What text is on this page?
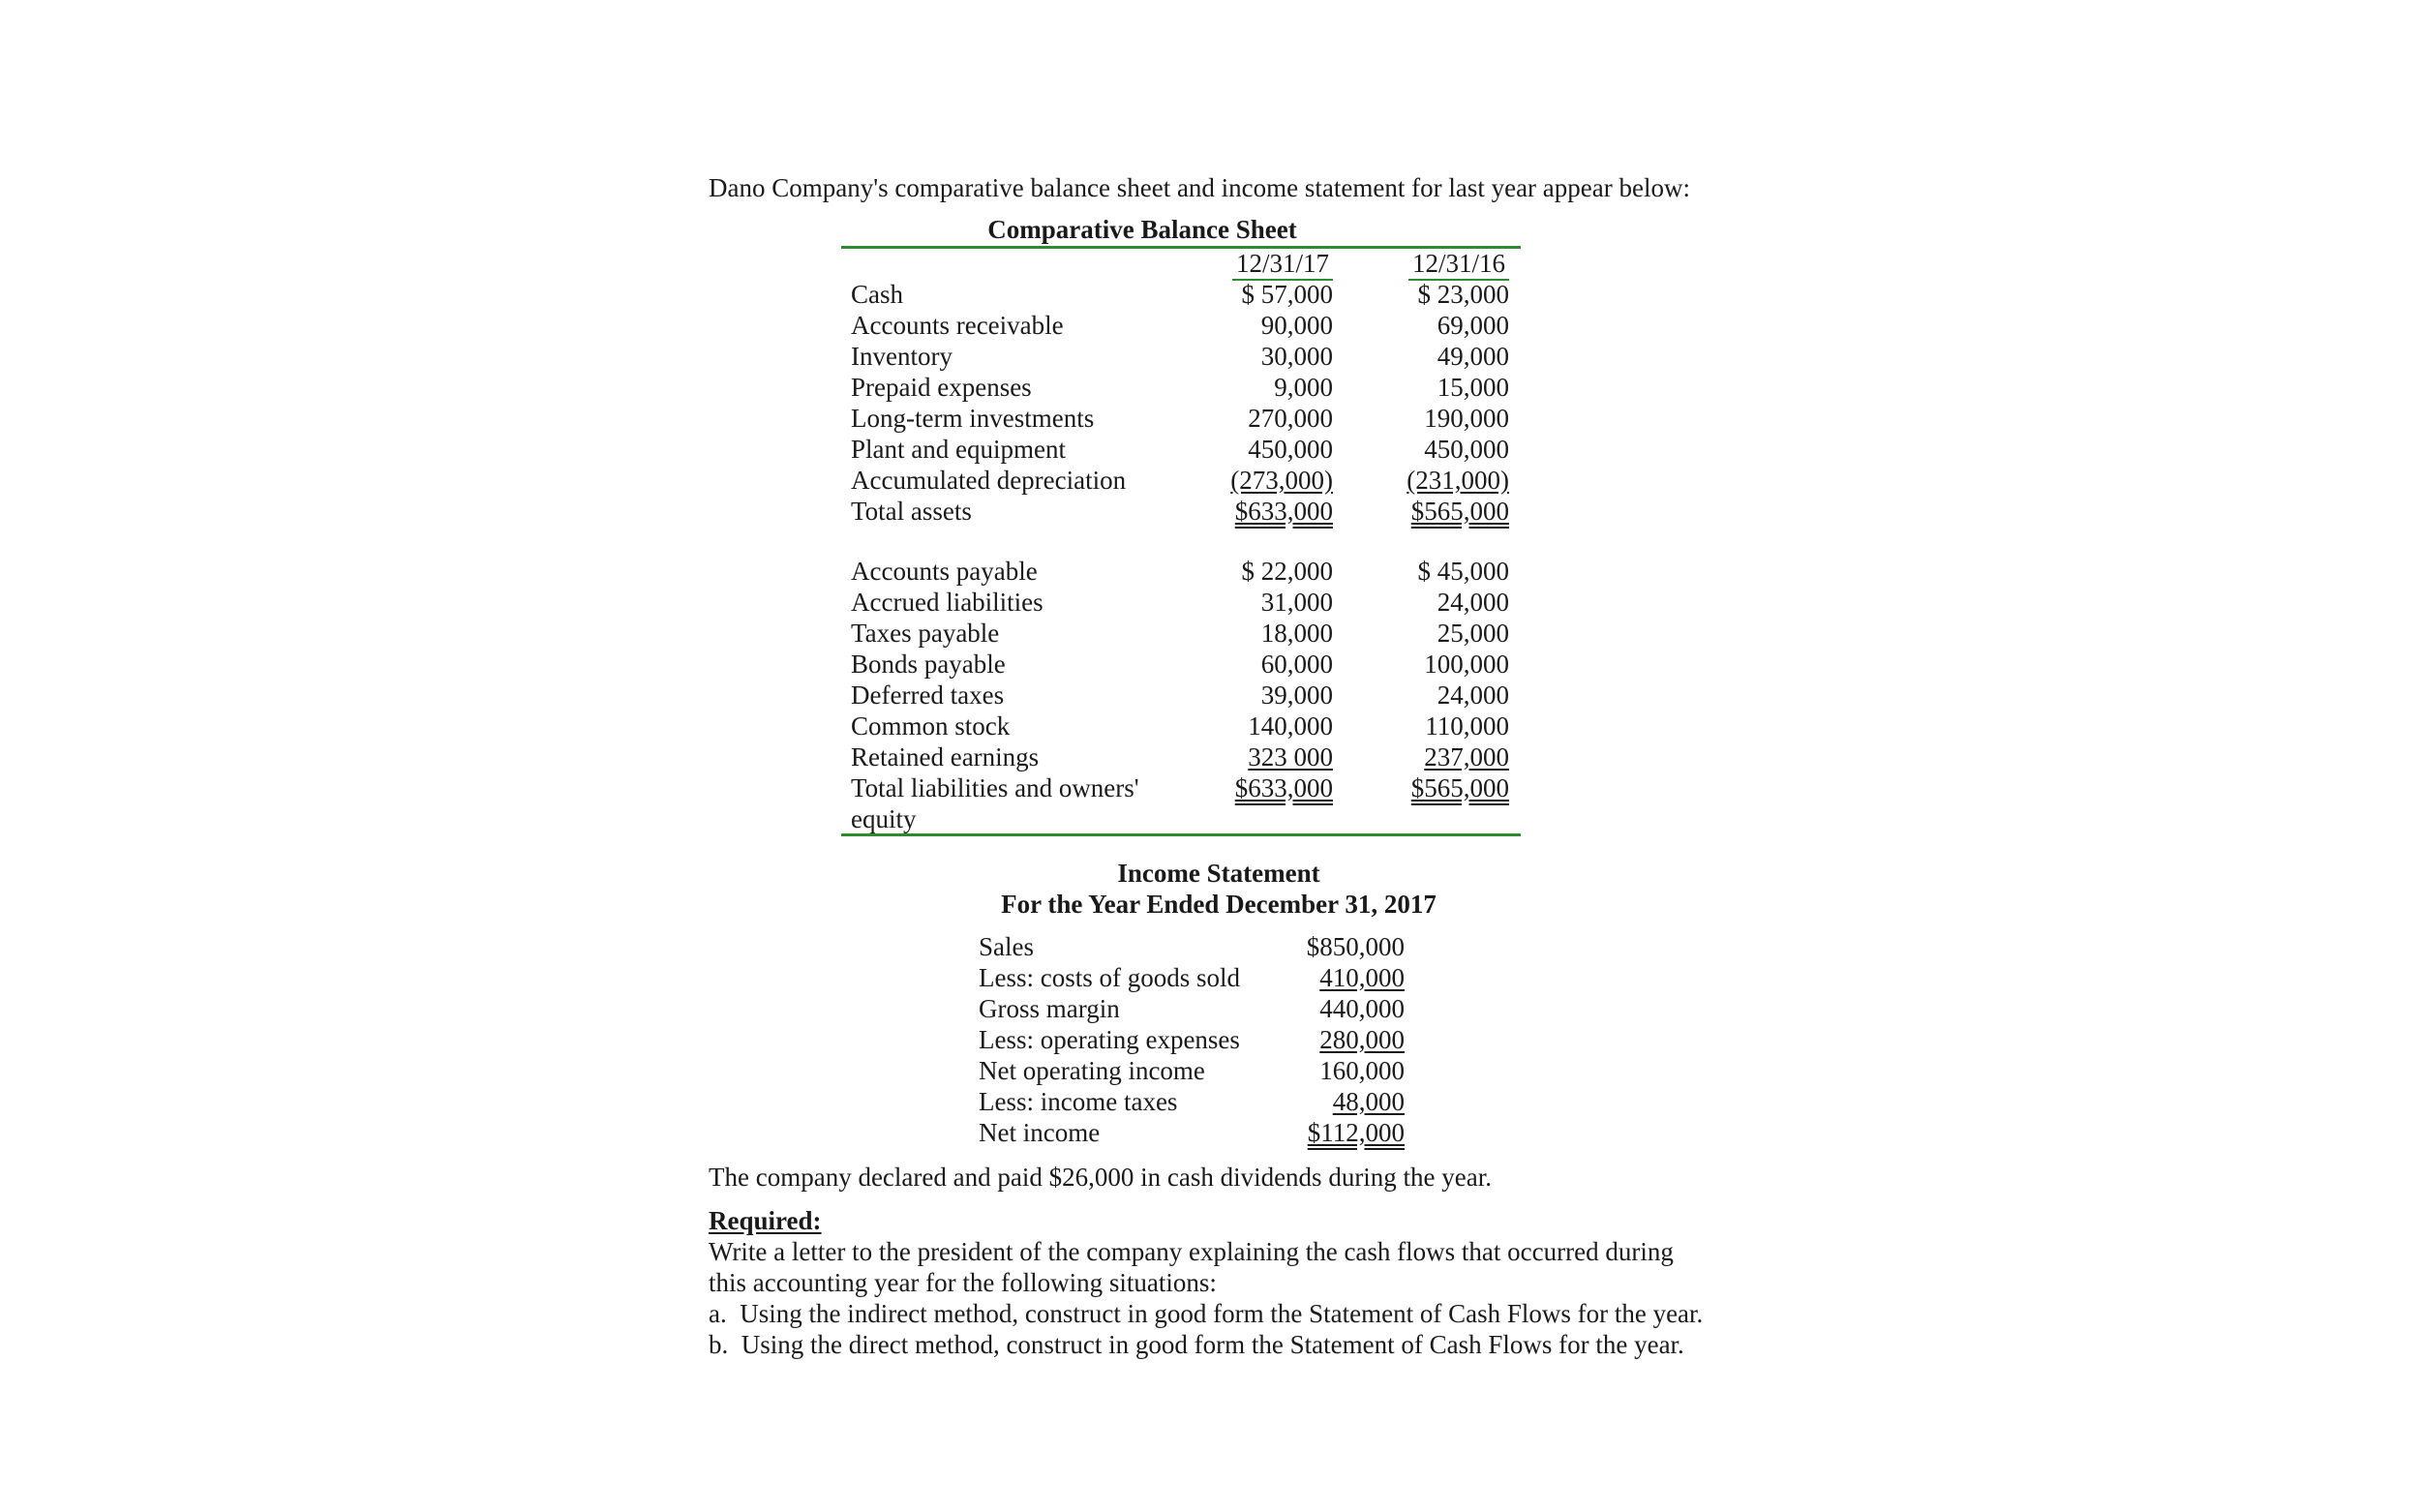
Dano Company's comparative balance sheet and income statement for last year appear below:
Comparative Balance Sheet
12/31/17	12/31/16
Cash	$ 57,000	$ 23,000
Accounts receivable	90,000	69,000
Inventory	30,000	49,000
Prepaid expenses	9,000	15,000
Long-term investments	270,000	190,000
Plant and equipment	450,000	450,000
Accumulated depreciation	(273,000)	(231,000)
Total assets	$633,000	$565,000
Accounts payable	$ 22,000	$ 45,000
Accrued liabilities	31,000	24,000
Taxes payable	18,000	25,000
Bonds payable	60,000	100,000
Deferred taxes	39,000	24,000
Common stock	140,000	110,000
Retained earnings	323 000	237,000
Total liabilities and owners'	$633,000	$565,000
equity
Income Statement
For the Year Ended December 31, 2017
Sales	$850,000
Less: costs of goods sold	410,000
Gross margin	440,000
Less: operating expenses	280,000
Net operating income	160,000
Less: income taxes	48,000
Net income	$112,000
The company declared and paid $26,000 in cash dividends during the year.
Required:
Write a letter to the president of the company explaining the cash flows that occurred during
this accounting year for the following situations:
a.  Using the indirect method, construct in good form the Statement of Cash Flows for the year.
b.  Using the direct method, construct in good form the Statement of Cash Flows for the year.
